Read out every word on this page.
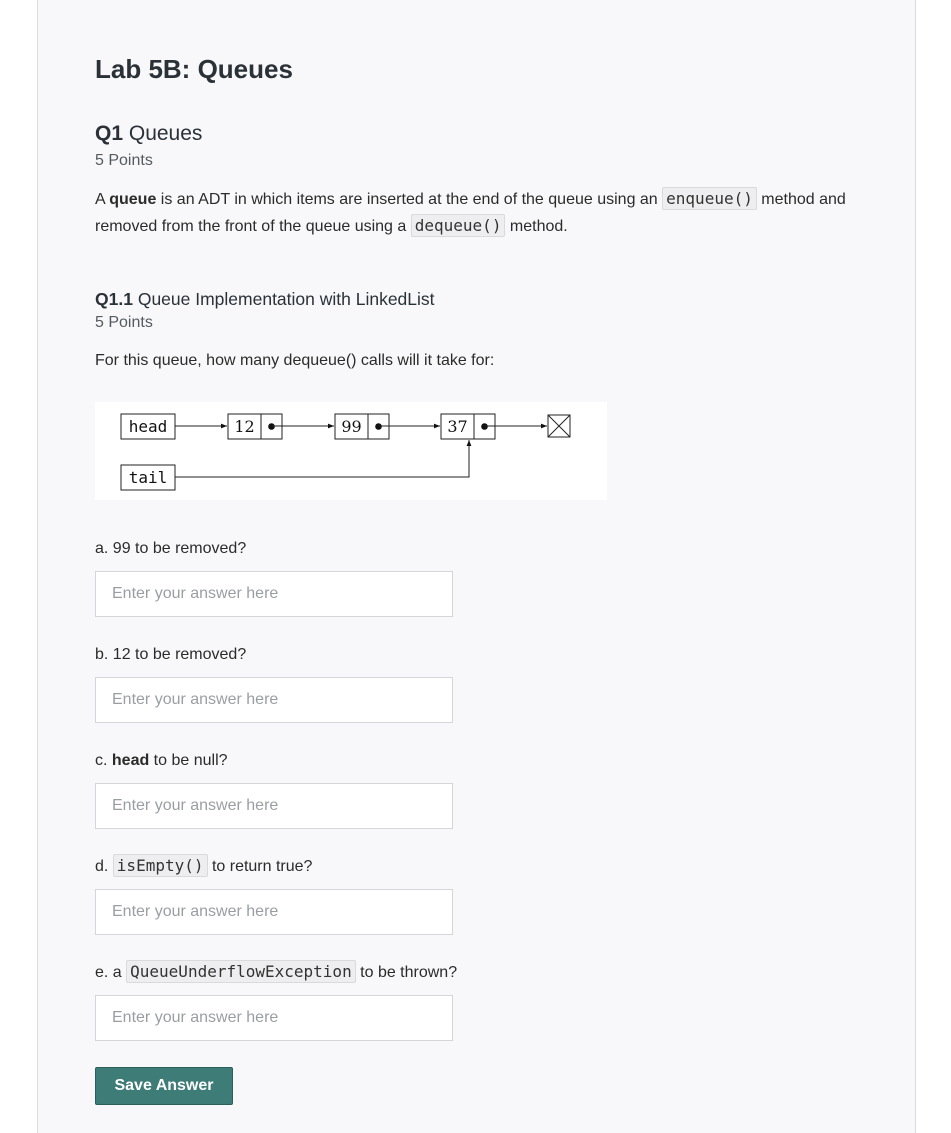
Lab 5B: Queues
Q1 Queues
5 Points

A queue is an ADT in which items are inserted at the end of the queue using an enqueue() method and removed from the front of the queue using a dequeue() method.

Q1.1 Queue Implementation with LinkedList
5 Points

For this queue, how many dequeue() calls will it take for:

head	12	99	37
tail
a. 99 to be removed?
Enter your answer here
b. 12 to be removed?
Enter your answer here
c. head to be null?
Enter your answer here
d. isEmpty() to return true?
Enter your answer here
e. a QueueUnderflowException to be thrown?
Enter your answer here
Save Answer
